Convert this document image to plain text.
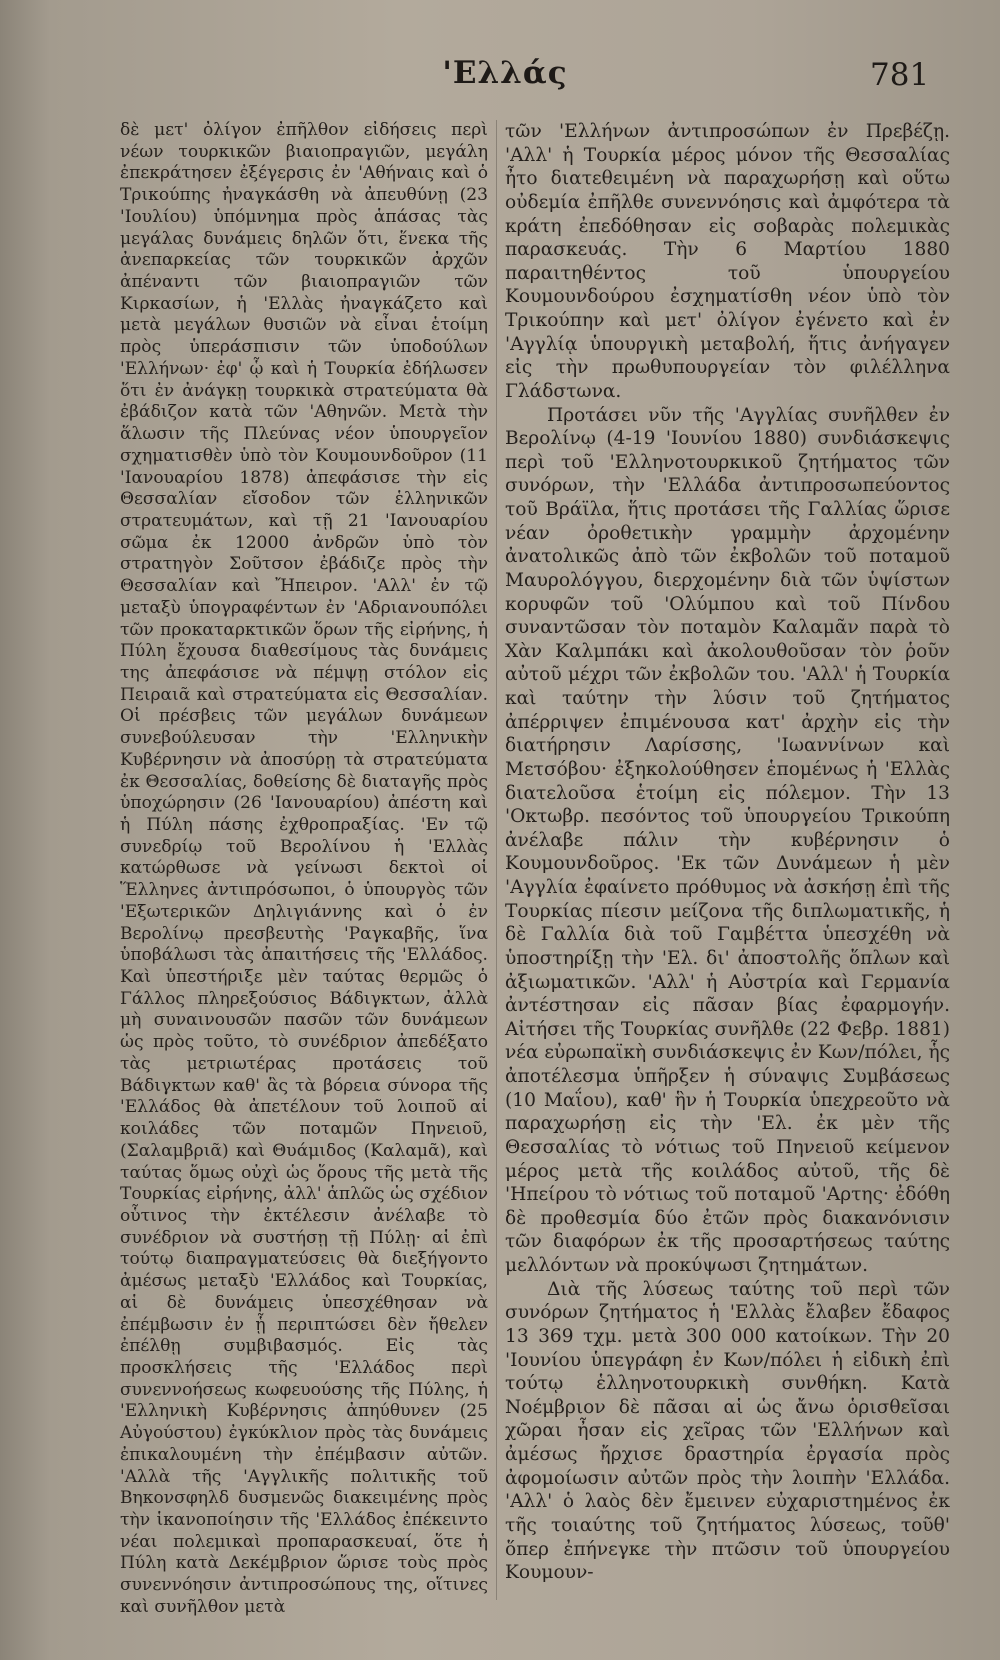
'Ελλάς	781

δὲ μετ' ὀλίγον ἐπῆλθον εἰδήσεις περὶ νέων τουρκικῶν βιαιοπραγιῶν, μεγάλη ἐπεκράτησεν ἐξέγερσις ἐν 'Αθήναις καὶ ὁ Τρικούπης ἠναγκάσθη νὰ ἀπευθύνῃ (23 'Ιουλίου) ὑπόμνημα πρὸς ἁπάσας τὰς μεγάλας δυνάμεις δηλῶν ὅτι, ἕνεκα τῆς ἀνεπαρκείας τῶν τουρκικῶν ἀρχῶν ἀπέναντι τῶν βιαιοπραγιῶν τῶν Κιρκασίων, ἡ 'Ελλὰς ἠναγκάζετο καὶ μετὰ μεγάλων θυσιῶν νὰ εἶναι ἑτοίμη πρὸς ὑπεράσπισιν τῶν ὑποδούλων 'Ελλήνων· ἐφ' ᾧ καὶ ἡ Τουρκία ἐδήλωσεν ὅτι ἐν ἀνάγκῃ τουρκικὰ στρατεύματα θὰ ἐβάδιζον κατὰ τῶν 'Αθηνῶν. Μετὰ τὴν ἅλωσιν τῆς Πλεύνας νέον ὑπουργεῖον σχηματισθὲν ὑπὸ τὸν Κουμουνδοῦρον (11 'Ιανουαρίου 1878) ἀπεφάσισε τὴν εἰς Θεσσαλίαν εἴσοδον τῶν ἑλληνικῶν στρατευμάτων, καὶ τῇ 21 'Ιανουαρίου σῶμα ἐκ 12000 ἀνδρῶν ὑπὸ τὸν στρατηγὸν Σοῦτσον ἐβάδιζε πρὸς τὴν Θεσσαλίαν καὶ Ἤπειρον. 'Αλλ' ἐν τῷ μεταξὺ ὑπογραφέντων ἐν 'Αδριανουπόλει τῶν προκαταρκτικῶν ὅρων τῆς εἰρήνης, ἡ Πύλη ἔχουσα διαθεσίμους τὰς δυνάμεις της ἀπεφάσισε νὰ πέμψῃ στόλον εἰς Πειραιᾶ καὶ στρατεύματα εἰς Θεσσαλίαν. Οἱ πρέσβεις τῶν μεγάλων δυνάμεων συνεβούλευσαν τὴν 'Ελληνικὴν Κυβέρνησιν νὰ ἀποσύρῃ τὰ στρατεύματα ἐκ Θεσσαλίας, δοθείσης δὲ διαταγῆς πρὸς ὑποχώρησιν (26 'Ιανουαρίου) ἀπέστη καὶ ἡ Πύλη πάσης ἐχθροπραξίας. 'Εν τῷ συνεδρίῳ τοῦ Βερολίνου ἡ 'Ελλὰς κατώρθωσε νὰ γείνωσι δεκτοὶ οἱ Ἕλληνες ἀντιπρόσωποι, ὁ ὑπουργὸς τῶν 'Εξωτερικῶν Δηλιγιάννης καὶ ὁ ἐν Βερολίνῳ πρεσβευτὴς 'Ραγκαβῆς, ἵνα ὑποβάλωσι τὰς ἀπαιτήσεις τῆς 'Ελλάδος. Καὶ ὑπεστήριξε μὲν ταύτας θερμῶς ὁ Γάλλος πληρεξούσιος Βάδιγκτων, ἀλλὰ μὴ συναινουσῶν πασῶν τῶν δυνάμεων ὡς πρὸς τοῦτο, τὸ συνέδριον ἀπεδέξατο τὰς μετριωτέρας προτάσεις τοῦ Βάδιγκτων καθ' ἃς τὰ βόρεια σύνορα τῆς 'Ελλάδος θὰ ἀπετέλουν τοῦ λοιποῦ αἱ κοιλάδες τῶν ποταμῶν Πηνειοῦ, (Σαλαμβριᾶ) καὶ Θυάμιδος (Καλαμᾶ), καὶ ταύτας ὅμως οὐχὶ ὡς ὅρους τῆς μετὰ τῆς Τουρκίας εἰρήνης, ἀλλ' ἁπλῶς ὡς σχέδιον οὗτινος τὴν ἐκτέλεσιν ἀνέλαβε τὸ συνέδριον νὰ συστήσῃ τῇ Πύλῃ· αἱ ἐπὶ τούτῳ διαπραγματεύσεις θὰ διεξήγοντο ἀμέσως μεταξὺ 'Ελλάδος καὶ Τουρκίας, αἱ δὲ δυνάμεις ὑπεσχέθησαν νὰ ἐπέμβωσιν ἐν ᾗ περιπτώσει δὲν ἤθελεν ἐπέλθῃ συμβιβασμός. Εἰς τὰς προσκλήσεις τῆς 'Ελλάδος περὶ συνεννοήσεως κωφευούσης τῆς Πύλης, ἡ 'Ελληνικὴ Κυβέρνησις ἀπηύθυνεν (25 Αὐγούστου) ἐγκύκλιον πρὸς τὰς δυνάμεις ἐπικαλουμένη τὴν ἐπέμβασιν αὐτῶν. 'Αλλὰ τῆς 'Αγγλικῆς πολιτικῆς τοῦ Βηκονσφηλδ δυσμενῶς διακειμένης πρὸς τὴν ἱκανοποίησιν τῆς 'Ελλάδος ἐπέκειντο νέαι πολεμικαὶ προπαρασκευαί, ὅτε ἡ Πύλη κατὰ Δεκέμβριον ὥρισε τοὺς πρὸς συνεννόησιν ἀντιπροσώπους της, οἵτινες καὶ συνῆλθον μετὰ

τῶν 'Ελλήνων ἀντιπροσώπων ἐν Πρεβέζῃ. 'Αλλ' ἡ Τουρκία μέρος μόνον τῆς Θεσσαλίας ἦτο διατεθειμένη νὰ παραχωρήσῃ καὶ οὕτω οὐδεμία ἐπῆλθε συνεννόησις καὶ ἀμφότερα τὰ κράτη ἐπεδόθησαν εἰς σοβαρὰς πολεμικὰς παρασκευάς. Τὴν 6 Μαρτίου 1880 παραιτηθέντος τοῦ ὑπουργείου Κουμουνδούρου ἐσχηματίσθη νέον ὑπὸ τὸν Τρικούπην καὶ μετ' ὀλίγον ἐγένετο καὶ ἐν 'Αγγλίᾳ ὑπουργικὴ μεταβολή, ἥτις ἀνήγαγεν εἰς τὴν πρωθυπουργείαν τὸν φιλέλληνα Γλάδστωνα.

Προτάσει νῦν τῆς 'Αγγλίας συνῆλθεν ἐν Βερολίνῳ (4-19 'Ιουνίου 1880) συνδιάσκεψις περὶ τοῦ 'Ελληνοτουρκικοῦ ζητήματος τῶν συνόρων, τὴν 'Ελλάδα ἀντιπροσωπεύοντος τοῦ Βράϊλα, ἥτις προτάσει τῆς Γαλλίας ὥρισε νέαν ὀροθετικὴν γραμμὴν ἀρχομένην ἀνατολικῶς ἀπὸ τῶν ἐκβολῶν τοῦ ποταμοῦ Μαυρολόγγου, διερχομένην διὰ τῶν ὑψίστων κορυφῶν τοῦ 'Ολύμπου καὶ τοῦ Πίνδου συναντῶσαν τὸν ποταμὸν Καλαμᾶν παρὰ τὸ Χὰν Καλμπάκι καὶ ἀκολουθοῦσαν τὸν ῥοῦν αὐτοῦ μέχρι τῶν ἐκβολῶν του. 'Αλλ' ἡ Τουρκία καὶ ταύτην τὴν λύσιν τοῦ ζητήματος ἀπέρριψεν ἐπιμένουσα κατ' ἀρχὴν εἰς τὴν διατήρησιν Λαρίσσης, 'Ιωαννίνων καὶ Μετσόβου· ἐξηκολούθησεν ἑπομένως ἡ 'Ελλὰς διατελοῦσα ἑτοίμη εἰς πόλεμον. Τὴν 13 'Οκτωβρ. πεσόντος τοῦ ὑπουργείου Τρικούπη ἀνέλαβε πάλιν τὴν κυβέρνησιν ὁ Κουμουνδοῦρος. 'Εκ τῶν Δυνάμεων ἡ μὲν 'Αγγλία ἐφαίνετο πρόθυμος νὰ ἀσκήσῃ ἐπὶ τῆς Τουρκίας πίεσιν μείζονα τῆς διπλωματικῆς, ἡ δὲ Γαλλία διὰ τοῦ Γαμβέττα ὑπεσχέθη νὰ ὑποστηρίξῃ τὴν 'Ελ. δι' ἀποστολῆς ὅπλων καὶ ἀξιωματικῶν. 'Αλλ' ἡ Αὐστρία καὶ Γερμανία ἀντέστησαν εἰς πᾶσαν βίας ἐφαρμογήν. Αἰτήσει τῆς Τουρκίας συνῆλθε (22 Φεβρ. 1881) νέα εὐρωπαϊκὴ συνδιάσκεψις ἐν Κων/πόλει, ἧς ἀποτέλεσμα ὑπῆρξεν ἡ σύναψις Συμβάσεως (10 Μαΐου), καθ' ἣν ἡ Τουρκία ὑπεχρεοῦτο νὰ παραχωρήσῃ εἰς τὴν 'Ελ. ἐκ μὲν τῆς Θεσσαλίας τὸ νότιως τοῦ Πηνειοῦ κείμενον μέρος μετὰ τῆς κοιλάδος αὐτοῦ, τῆς δὲ 'Ηπείρου τὸ νότιως τοῦ ποταμοῦ 'Αρτης· ἐδόθη δὲ προθεσμία δύο ἐτῶν πρὸς διακανόνισιν τῶν διαφόρων ἐκ τῆς προσαρτήσεως ταύτης μελλόντων νὰ προκύψωσι ζητημάτων.

Διὰ τῆς λύσεως ταύτης τοῦ περὶ τῶν συνόρων ζητήματος ἡ 'Ελλὰς ἔλαβεν ἔδαφος 13 369 τχμ. μετὰ 300 000 κατοίκων. Τὴν 20 'Ιουνίου ὑπεγράφη ἐν Κων/πόλει ἡ εἰδικὴ ἐπὶ τούτῳ ἑλληνοτουρκικὴ συνθήκη. Κατὰ Νοέμβριον δὲ πᾶσαι αἱ ὡς ἄνω ὁρισθεῖσαι χῶραι ἦσαν εἰς χεῖρας τῶν 'Ελλήνων καὶ ἀμέσως ἤρχισε δραστηρία ἐργασία πρὸς ἀφομοίωσιν αὐτῶν πρὸς τὴν λοιπὴν 'Ελλάδα. 'Αλλ' ὁ λαὸς δὲν ἔμεινεν εὐχαριστημένος ἐκ τῆς τοιαύτης τοῦ ζητήματος λύσεως, τοῦθ' ὅπερ ἐπήνεγκε τὴν πτῶσιν τοῦ ὑπουργείου Κουμουν-
